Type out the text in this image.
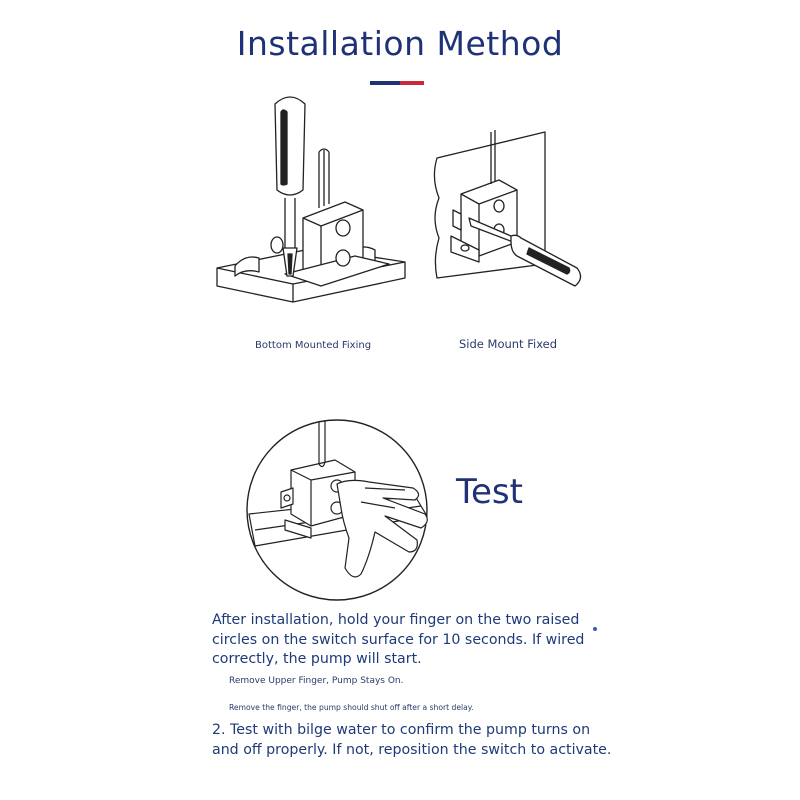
Installation Method
Bottom Mounted Fixing	Side Mount Fixed
Test
After installation, hold your finger on the two raised circles on the switch surface for 10 seconds. If wired correctly, the pump will start.
Remove Upper Finger, Pump Stays On.
Remove the finger, the pump should shut off after a short delay.
2. Test with bilge water to confirm the pump turns on and off properly. If not, reposition the switch to activate.
